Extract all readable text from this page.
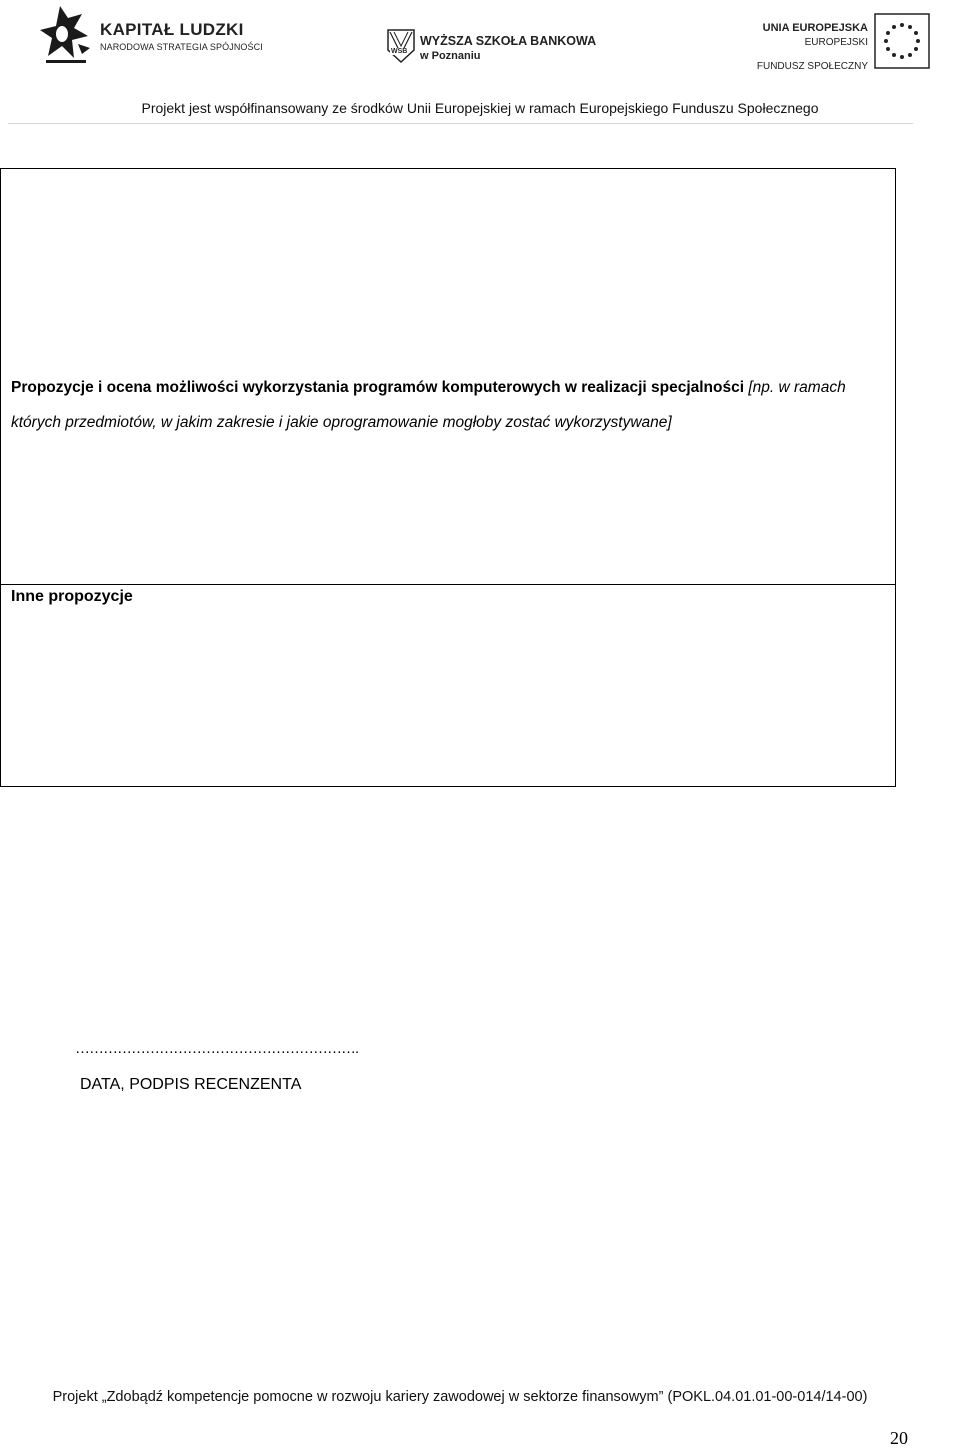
KAPITAŁ LUDZKI
NARODOWA STRATEGIA SPÓJNOŚCI	WSB
WYŻSZA SZKOŁA BANKOWA
w Poznaniu
UNIA EUROPEJSKA
EUROPEJSKI
FUNDUSZ SPOŁECZNY
Projekt jest współfinansowany ze środków Unii Europejskiej w ramach Europejskiego Funduszu Społecznego
Propozycje i ocena możliwości wykorzystania programów komputerowych w realizacji specjalności [np. w ramach których przedmiotów, w jakim zakresie i jakie oprogramowanie mogłoby zostać wykorzystywane]
Inne propozycje
…………………………………………………….
DATA, PODPIS RECENZENTA
Projekt „Zdobądź kompetencje pomocne w rozwoju kariery zawodowej w sektorze finansowym” (POKL.04.01.01-00-014/14-00)
20
